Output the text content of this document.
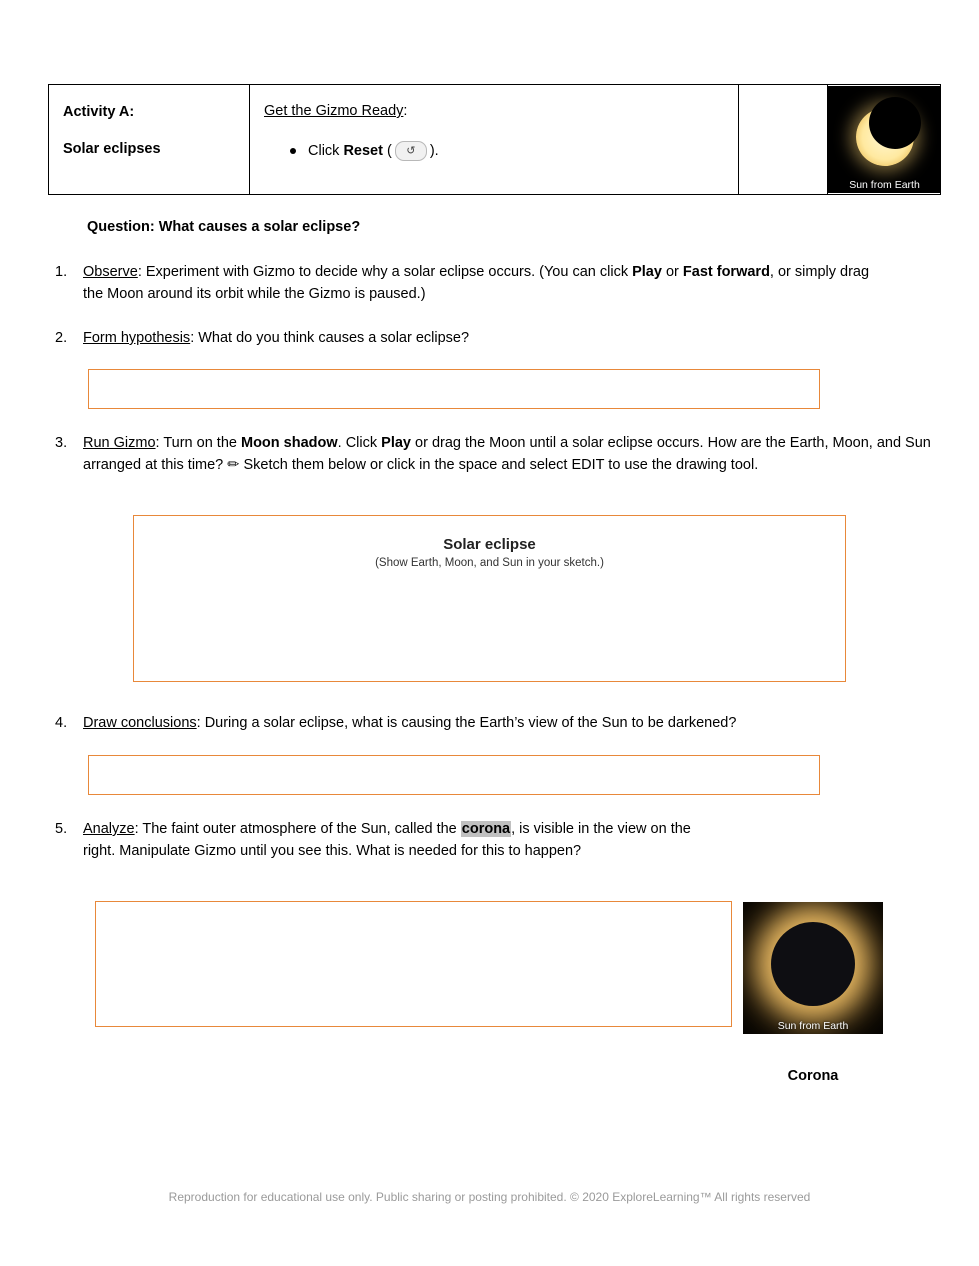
Activity A:
Solar eclipses

Get the Gizmo Ready:
Click
Reset
(	↺ ).

Sun from Earth
Question: What causes a solar eclipse?
1.	Observe: Experiment with Gizmo to decide why a solar eclipse occurs. (You can click Play or Fast forward, or simply drag the Moon around its orbit while the Gizmo is paused.)
2.	Form hypothesis: What do you think causes a solar eclipse?
3.	Run Gizmo: Turn on the Moon shadow. Click Play or drag the Moon until a solar eclipse occurs. How are the Earth, Moon, and Sun arranged at this time? ✏ Sketch them below or click in the space and select EDIT to use the drawing tool.
Solar eclipse
(Show Earth, Moon, and Sun in your sketch.)
4.	Draw conclusions: During a solar eclipse, what is causing the Earth’s view of the Sun to be darkened?
5.	Analyze: The faint outer atmosphere of the Sun, called the corona, is visible in the view on the right. Manipulate Gizmo until you see this. What is needed for this to happen?
Sun from Earth
Corona
Reproduction for educational use only. Public sharing or posting prohibited. © 2020 ExploreLearning™ All rights reserved
